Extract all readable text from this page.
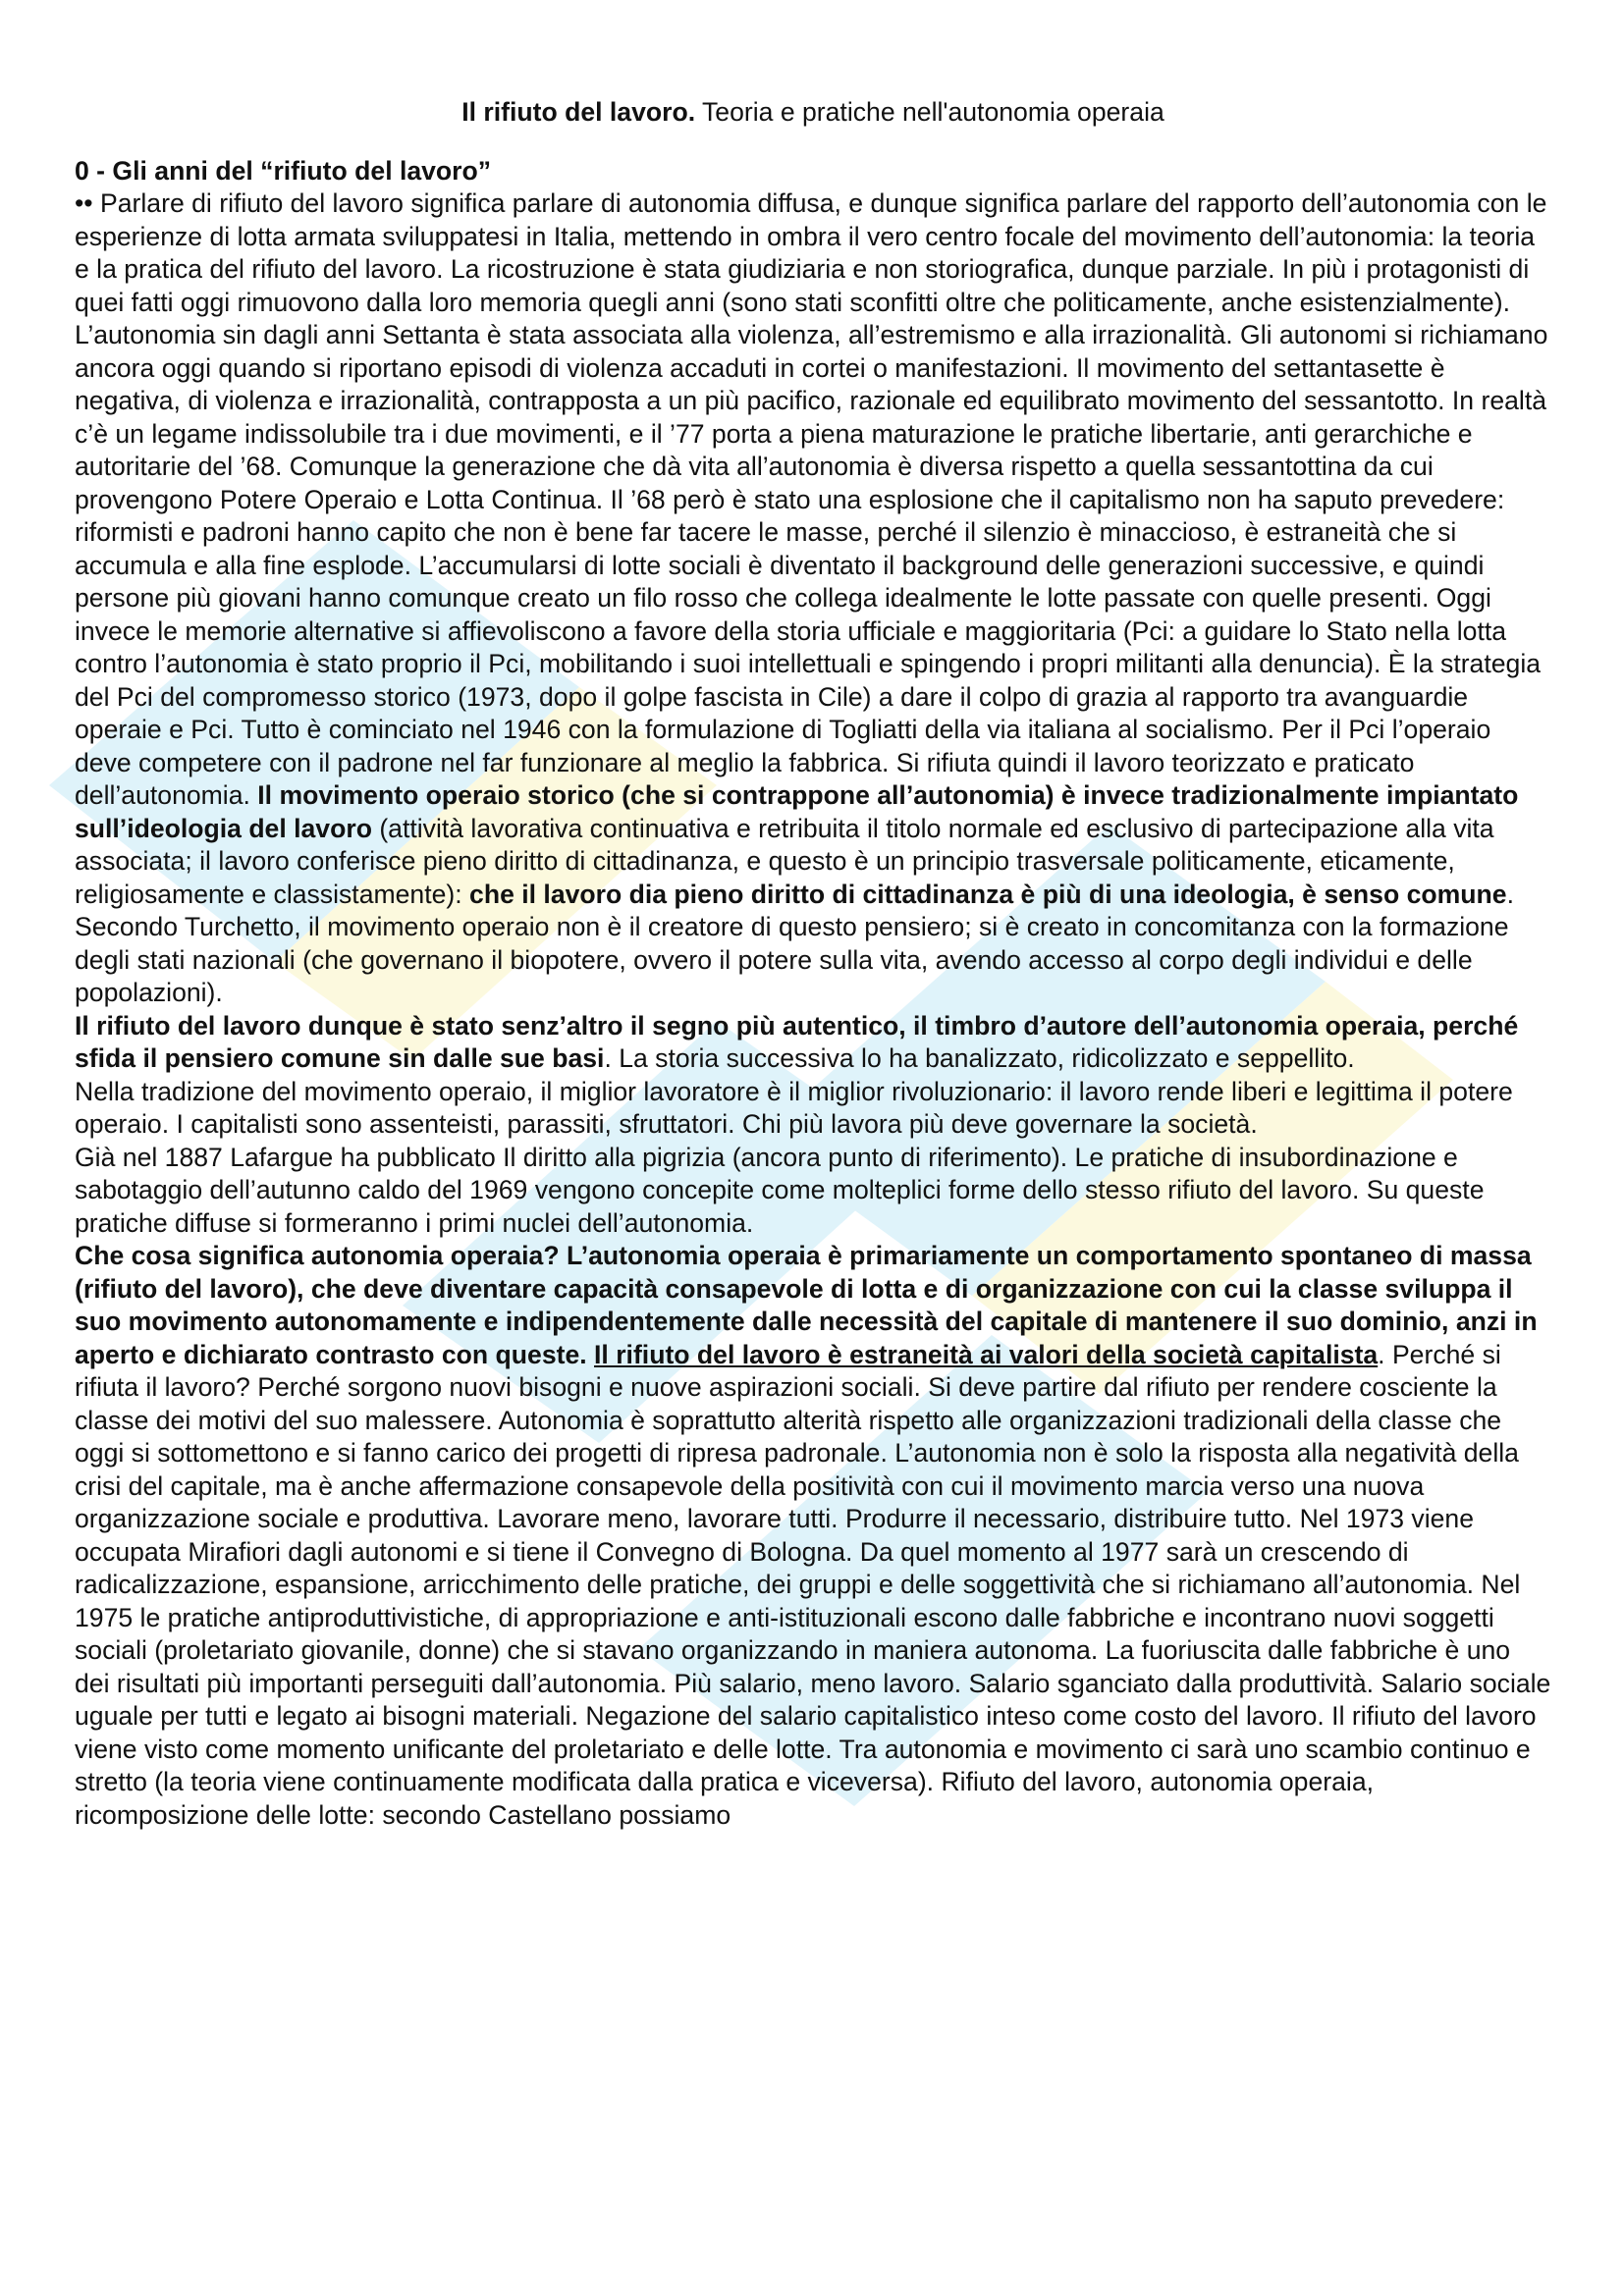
Il rifiuto del lavoro. Teoria e pratiche nell'autonomia operaia

0 - Gli anni del “rifiuto del lavoro”

•• Parlare di rifiuto del lavoro significa parlare di autonomia diffusa, e dunque significa parlare del rapporto dell’autonomia con le esperienze di lotta armata sviluppatesi in Italia, mettendo in ombra il vero centro focale del movimento dell’autonomia: la teoria e la pratica del rifiuto del lavoro. La ricostruzione è stata giudiziaria e non storiografica, dunque parziale. In più i protagonisti di quei fatti oggi rimuovono dalla loro memoria quegli anni (sono stati sconfitti oltre che politicamente, anche esistenzialmente). L’autonomia sin dagli anni Settanta è stata associata alla violenza, all’estremismo e alla irrazionalità. Gli autonomi si richiamano ancora oggi quando si riportano episodi di violenza accaduti in cortei o manifestazioni. Il movimento del settantasette è negativa, di violenza e irrazionalità, contrapposta a un più pacifico, razionale ed equilibrato movimento del sessantotto. In realtà c’è un legame indissolubile tra i due movimenti, e il ’77 porta a piena maturazione le pratiche libertarie, anti gerarchiche e autoritarie del ’68. Comunque la generazione che dà vita all’autonomia è diversa rispetto a quella sessantottina da cui provengono Potere Operaio e Lotta Continua. Il ’68 però è stato una esplosione che il capitalismo non ha saputo prevedere: riformisti e padroni hanno capito che non è bene far tacere le masse, perché il silenzio è minaccioso, è estraneità che si accumula e alla fine esplode. L’accumularsi di lotte sociali è diventato il background delle generazioni successive, e quindi persone più giovani hanno comunque creato un filo rosso che collega idealmente le lotte passate con quelle presenti. Oggi invece le memorie alternative si affievoliscono a favore della storia ufficiale e maggioritaria (Pci: a guidare lo Stato nella lotta contro l’autonomia è stato proprio il Pci, mobilitando i suoi intellettuali e spingendo i propri militanti alla denuncia). È la strategia del Pci del compromesso storico (1973, dopo il golpe fascista in Cile) a dare il colpo di grazia al rapporto tra avanguardie operaie e Pci. Tutto è cominciato nel 1946 con la formulazione di Togliatti della via italiana al socialismo. Per il Pci l’operaio deve competere con il padrone nel far funzionare al meglio la fabbrica. Si rifiuta quindi il lavoro teorizzato e praticato dell’autonomia. Il movimento operaio storico (che si contrappone all’autonomia) è invece tradizionalmente impiantato sull’ideologia del lavoro (attività lavorativa continuativa e retribuita il titolo normale ed esclusivo di partecipazione alla vita associata; il lavoro conferisce pieno diritto di cittadinanza, e questo è un principio trasversale politicamente, eticamente, religiosamente e classistamente): che il lavoro dia pieno diritto di cittadinanza è più di una ideologia, è senso comune. Secondo Turchetto, il movimento operaio non è il creatore di questo pensiero; si è creato in concomitanza con la formazione degli stati nazionali (che governano il biopotere, ovvero il potere sulla vita, avendo accesso al corpo degli individui e delle popolazioni).

Il rifiuto del lavoro dunque è stato senz’altro il segno più autentico, il timbro d’autore dell’autonomia operaia, perché sfida il pensiero comune sin dalle sue basi. La storia successiva lo ha banalizzato, ridicolizzato e seppellito.

Nella tradizione del movimento operaio, il miglior lavoratore è il miglior rivoluzionario: il lavoro rende liberi e legittima il potere operaio. I capitalisti sono assenteisti, parassiti, sfruttatori. Chi più lavora più deve governare la società.

Già nel 1887 Lafargue ha pubblicato Il diritto alla pigrizia (ancora punto di riferimento). Le pratiche di insubordinazione e sabotaggio dell’autunno caldo del 1969 vengono concepite come molteplici forme dello stesso rifiuto del lavoro. Su queste pratiche diffuse si formeranno i primi nuclei dell’autonomia.

Che cosa significa autonomia operaia? L’autonomia operaia è primariamente un comportamento spontaneo di massa (rifiuto del lavoro), che deve diventare capacità consapevole di lotta e di organizzazione con cui la classe sviluppa il suo movimento autonomamente e indipendentemente dalle necessità del capitale di mantenere il suo dominio, anzi in aperto e dichiarato contrasto con queste. Il rifiuto del lavoro è estraneità ai valori della società capitalista. Perché si rifiuta il lavoro? Perché sorgono nuovi bisogni e nuove aspirazioni sociali. Si deve partire dal rifiuto per rendere cosciente la classe dei motivi del suo malessere. Autonomia è soprattutto alterità rispetto alle organizzazioni tradizionali della classe che oggi si sottomettono e si fanno carico dei progetti di ripresa padronale. L’autonomia non è solo la risposta alla negatività della crisi del capitale, ma è anche affermazione consapevole della positività con cui il movimento marcia verso una nuova organizzazione sociale e produttiva. Lavorare meno, lavorare tutti. Produrre il necessario, distribuire tutto. Nel 1973 viene occupata Mirafiori dagli autonomi e si tiene il Convegno di Bologna. Da quel momento al 1977 sarà un crescendo di radicalizzazione, espansione, arricchimento delle pratiche, dei gruppi e delle soggettività che si richiamano all’autonomia. Nel 1975 le pratiche antiproduttivistiche, di appropriazione e anti-istituzionali escono dalle fabbriche e incontrano nuovi soggetti sociali (proletariato giovanile, donne) che si stavano organizzando in maniera autonoma. La fuoriuscita dalle fabbriche è uno dei risultati più importanti perseguiti dall’autonomia. Più salario, meno lavoro. Salario sganciato dalla produttività. Salario sociale uguale per tutti e legato ai bisogni materiali. Negazione del salario capitalistico inteso come costo del lavoro. Il rifiuto del lavoro viene visto come momento unificante del proletariato e delle lotte. Tra autonomia e movimento ci sarà uno scambio continuo e stretto (la teoria viene continuamente modificata dalla pratica e viceversa). Rifiuto del lavoro, autonomia operaia, ricomposizione delle lotte: secondo Castellano possiamo
